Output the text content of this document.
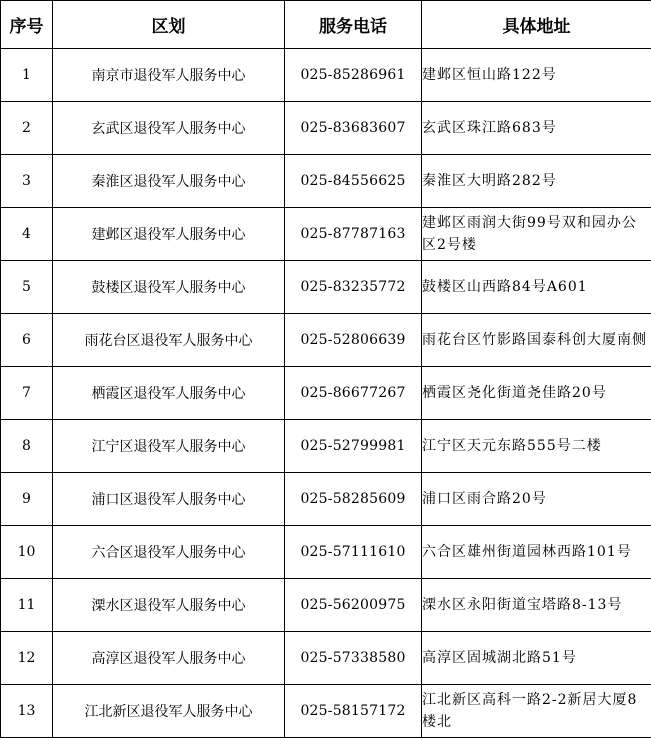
序号	区划	服务电话	具体地址
1	南京市退役军人服务中心	025-85286961	建邺区恒山路122号
2	玄武区退役军人服务中心	025-83683607	玄武区珠江路683号
3	秦淮区退役军人服务中心	025-84556625	秦淮区大明路282号
4	建邺区退役军人服务中心	025-87787163	建邺区雨润大街99号双和园办公区2号楼
5	鼓楼区退役军人服务中心	025-83235772	鼓楼区山西路84号A601
6	雨花台区退役军人服务中心	025-52806639	雨花台区竹影路国泰科创大厦南侧
7	栖霞区退役军人服务中心	025-86677267	栖霞区尧化街道尧佳路20号
8	江宁区退役军人服务中心	025-52799981	江宁区天元东路555号二楼
9	浦口区退役军人服务中心	025-58285609	浦口区雨合路20号
10	六合区退役军人服务中心	025-57111610	六合区雄州街道园林西路101号
11	溧水区退役军人服务中心	025-56200975	溧水区永阳街道宝塔路8-13号
12	高淳区退役军人服务中心	025-57338580	高淳区固城湖北路51号
13	江北新区退役军人服务中心	025-58157172	江北新区高科一路2-2新居大厦8楼北
